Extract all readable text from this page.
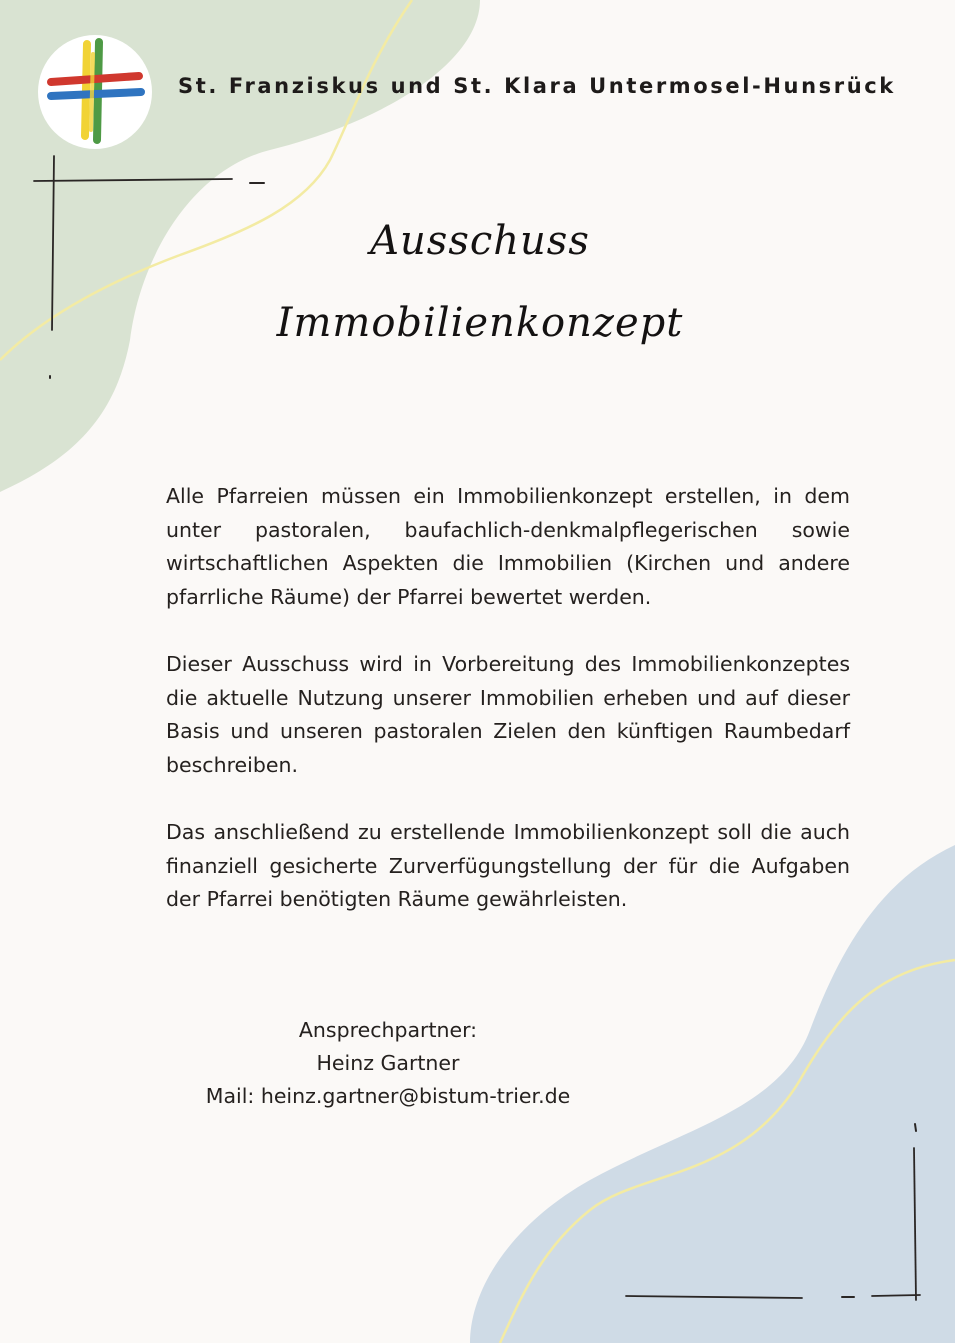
St. Franziskus und St. Klara Untermosel-Hunsrück
Ausschuss
Immobilienkonzept

Alle Pfarreien müssen ein Immobilienkonzept erstellen, in dem unter pastoralen, baufachlich-denkmalpflegerischen sowie wirtschaftlichen Aspekten die Immobilien (Kirchen und andere pfarrliche Räume) der Pfarrei bewertet werden.

Dieser Ausschuss wird in Vorbereitung des Immobilienkonzeptes die aktuelle Nutzung unserer Immobilien erheben und auf dieser Basis und unseren pastoralen Zielen den künftigen Raumbedarf beschreiben.

Das anschließend zu erstellende Immobilienkonzept soll die auch finanziell gesicherte Zurverfügungstellung der für die Aufgaben der Pfarrei benötigten Räume gewährleisten.

Ansprechpartner:
Heinz Gartner
Mail: heinz.gartner@bistum-trier.de
